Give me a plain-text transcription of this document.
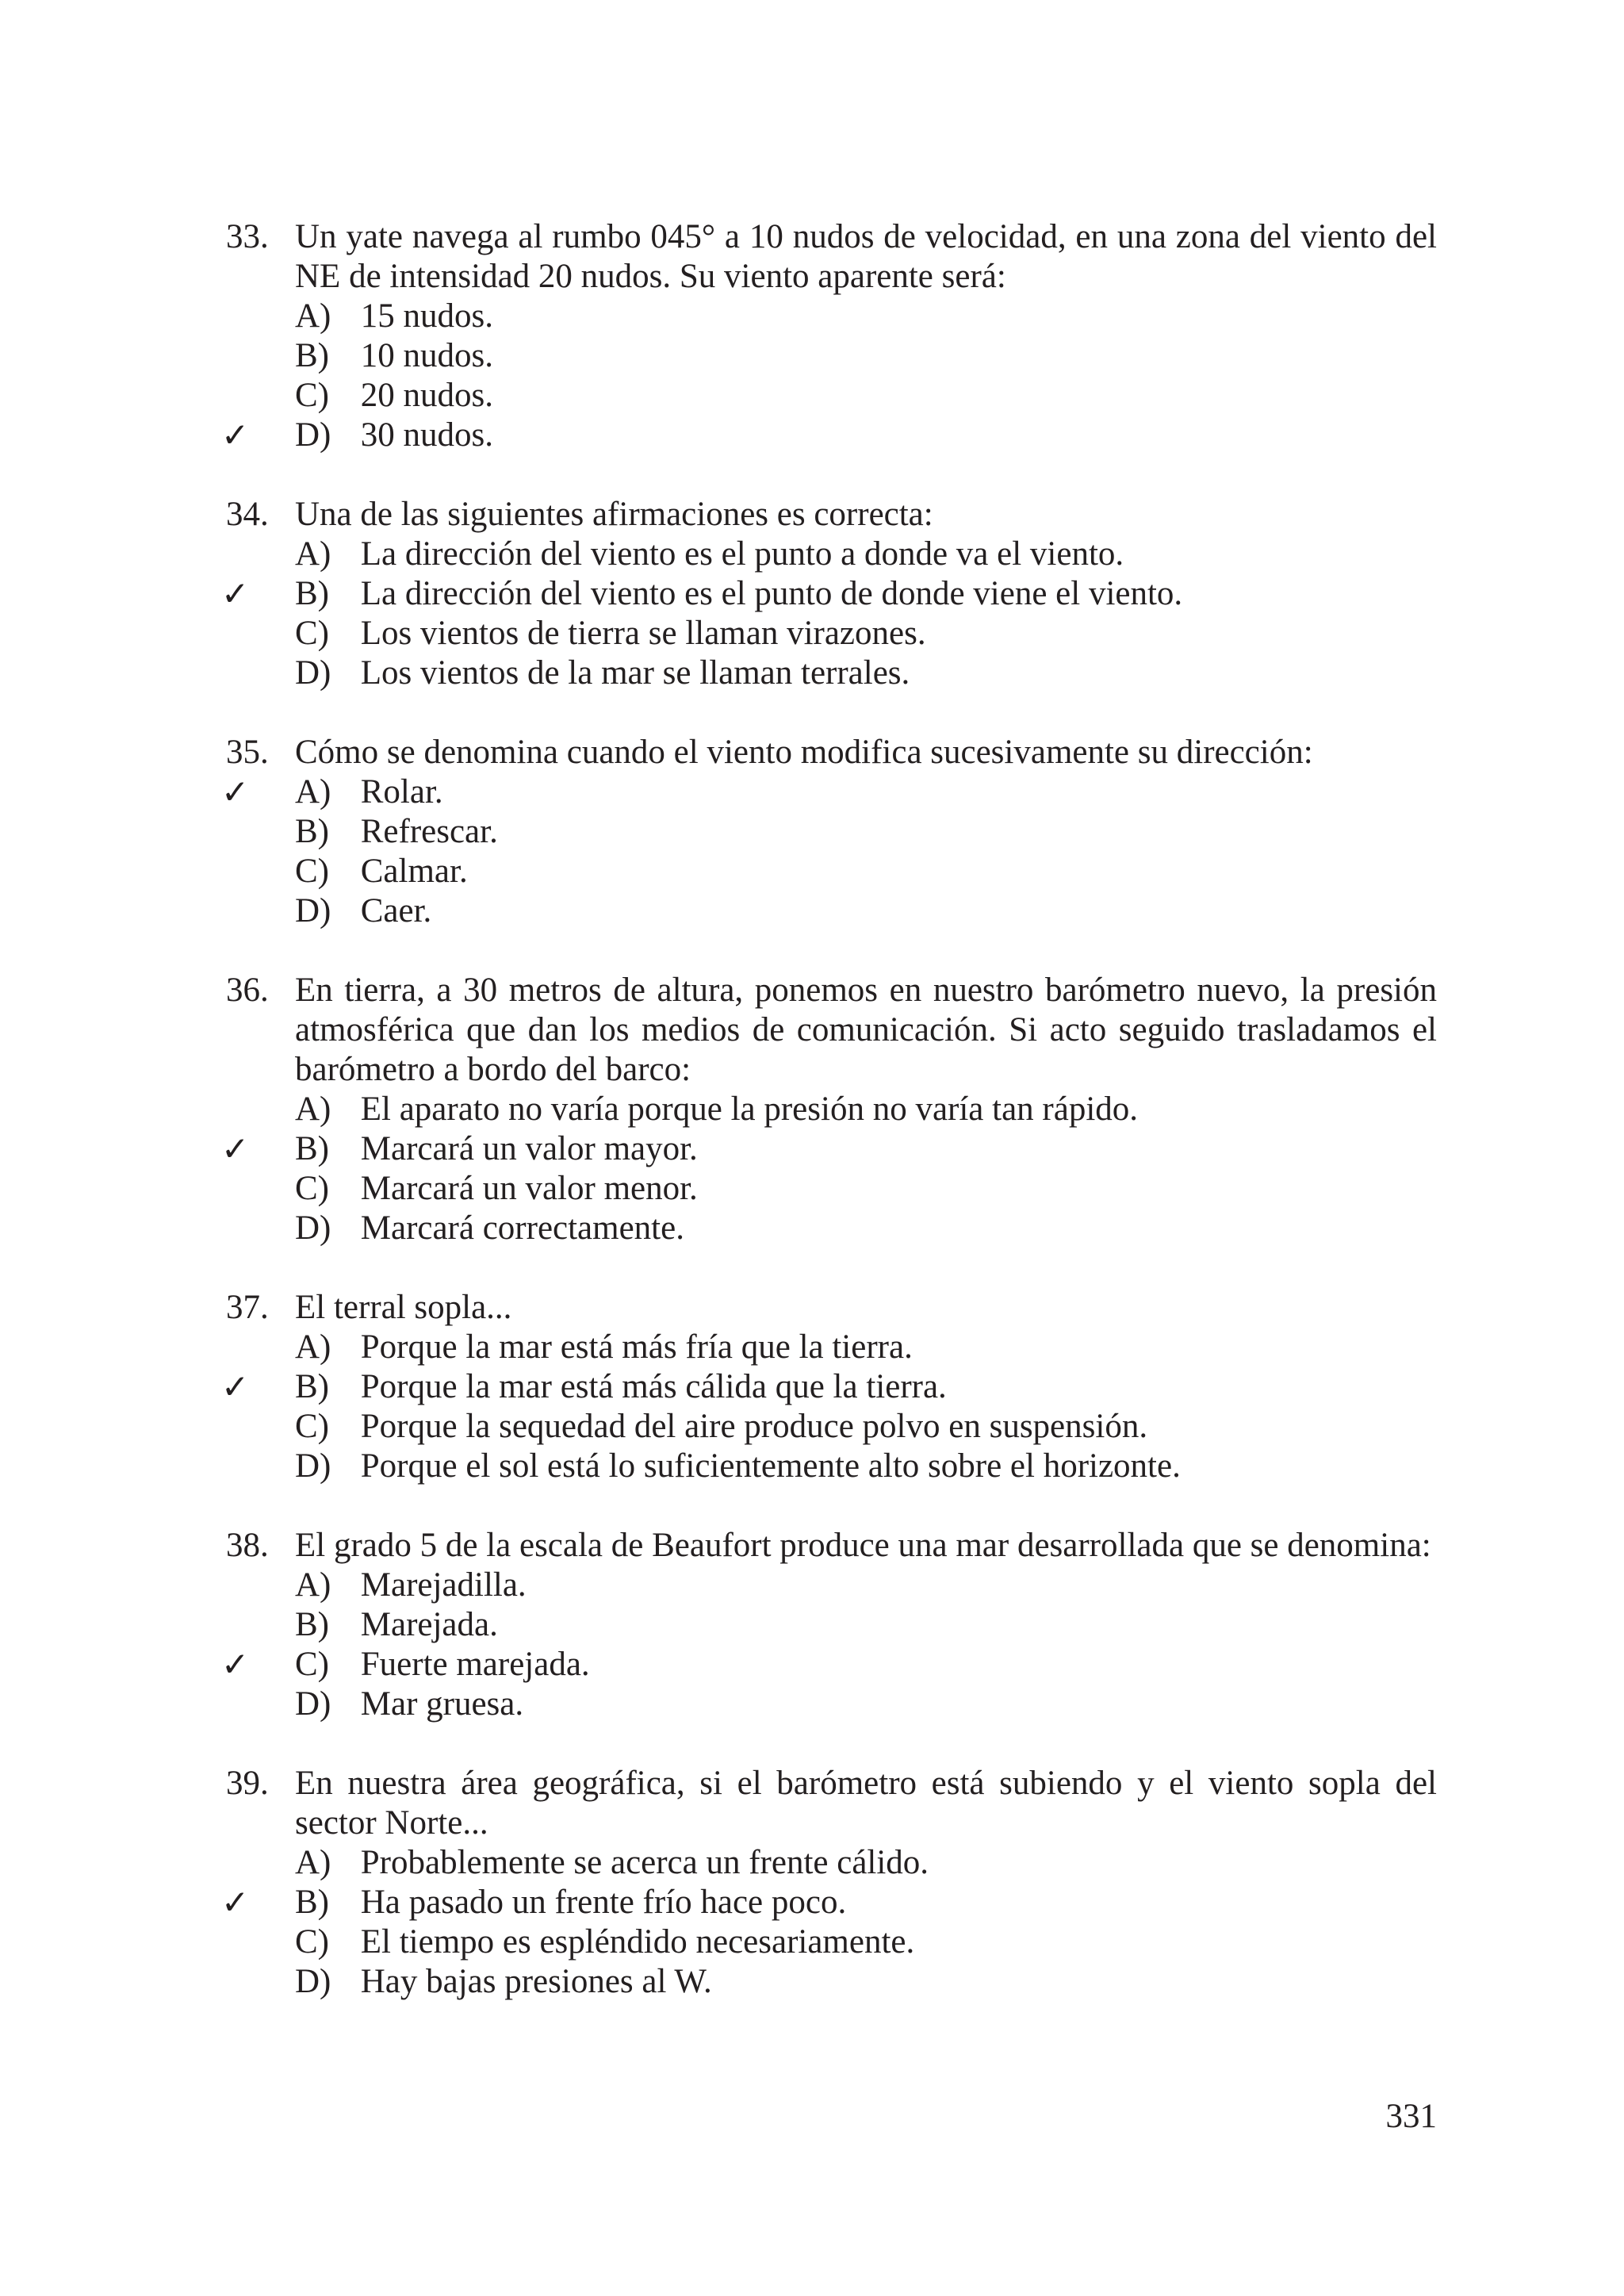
33. Un yate navega al rumbo 045° a 10 nudos de velocidad, en una zona del viento del NE de intensidad 20 nudos. Su viento aparente será:
A) 15 nudos.
B) 10 nudos.
C) 20 nudos.
✓ D) 30 nudos.
34. Una de las siguientes afirmaciones es correcta:
A) La dirección del viento es el punto a donde va el viento.
✓ B) La dirección del viento es el punto de donde viene el viento.
C) Los vientos de tierra se llaman virazones.
D) Los vientos de la mar se llaman terrales.
35. Cómo se denomina cuando el viento modifica sucesivamente su dirección:
✓ A) Rolar.
B) Refrescar.
C) Calmar.
D) Caer.
36. En tierra, a 30 metros de altura, ponemos en nuestro barómetro nuevo, la presión atmosférica que dan los medios de comunicación. Si acto seguido trasladamos el barómetro a bordo del barco:
A) El aparato no varía porque la presión no varía tan rápido.
✓ B) Marcará un valor mayor.
C) Marcará un valor menor.
D) Marcará correctamente.
37. El terral sopla...
A) Porque la mar está más fría que la tierra.
✓ B) Porque la mar está más cálida que la tierra.
C) Porque la sequedad del aire produce polvo en suspensión.
D) Porque el sol está lo suficientemente alto sobre el horizonte.
38. El grado 5 de la escala de Beaufort produce una mar desarrollada que se denomina:
A) Marejadilla.
B) Marejada.
✓ C) Fuerte marejada.
D) Mar gruesa.
39. En nuestra área geográfica, si el barómetro está subiendo y el viento sopla del sector Norte...
A) Probablemente se acerca un frente cálido.
✓ B) Ha pasado un frente frío hace poco.
C) El tiempo es espléndido necesariamente.
D) Hay bajas presiones al W.
331
